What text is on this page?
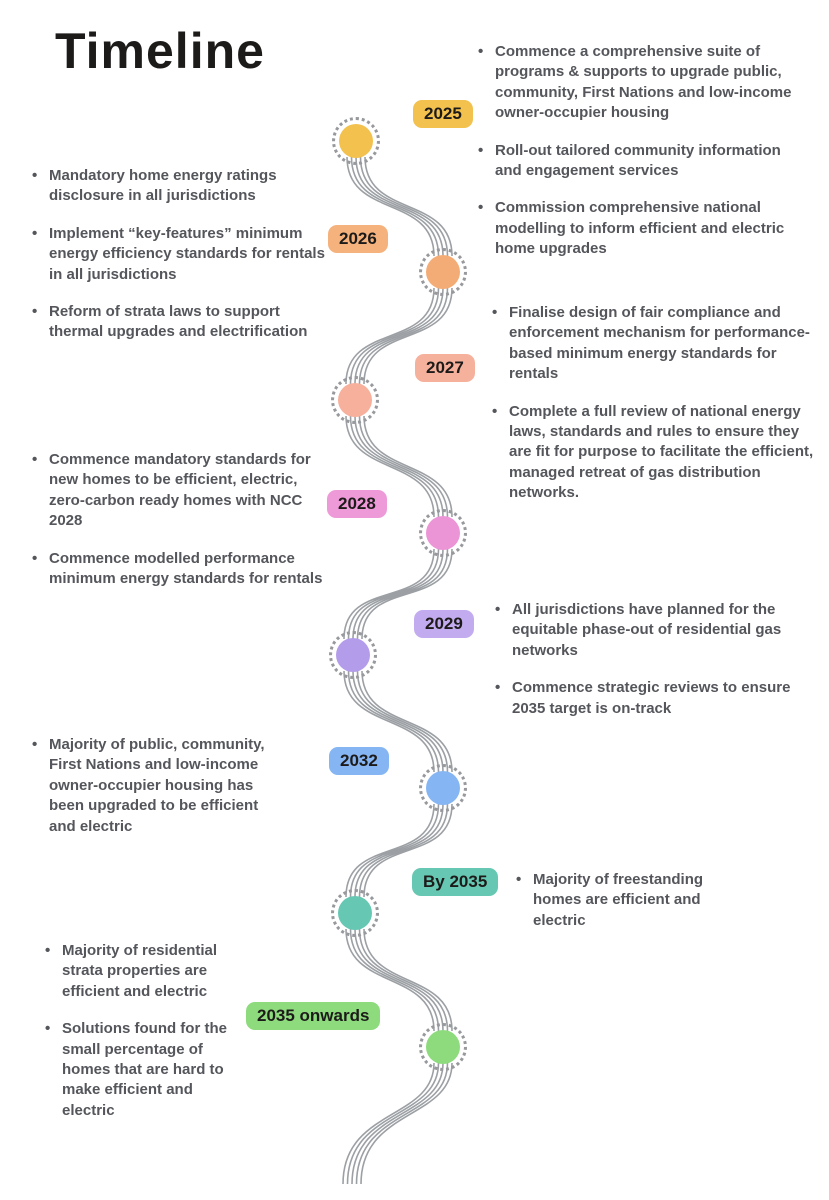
Timeline
2025
2026
2027
2028
2029
2032
By 2035
2035 onwards
• Commence a comprehensive suite of programs & supports to upgrade public, community, First Nations and low-income owner-occupier housing
• Roll-out tailored community information and engagement services
• Commission comprehensive national modelling to inform efficient and electric home upgrades
• Mandatory home energy ratings disclosure in all jurisdictions
• Implement “key-features” minimum energy efficiency standards for rentals in all jurisdictions
• Reform of strata laws to support thermal upgrades and electrification
• Finalise design of fair compliance and enforcement mechanism for performance-based minimum energy standards for rentals
• Complete a full review of national energy laws, standards and rules to ensure they are fit for purpose to facilitate the efficient, managed retreat of gas distribution networks.
• Commence mandatory standards for new homes to be efficient, electric, zero-carbon ready homes with NCC 2028
• Commence modelled performance minimum energy standards for rentals
• All jurisdictions have planned for the equitable phase-out of residential gas networks
• Commence strategic reviews to ensure 2035 target is on-track
• Majority of public, community, First Nations and low-income owner-occupier housing has been upgraded to be efficient and electric
• Majority of freestanding homes are efficient and electric
• Majority of residential strata properties are efficient and electric
• Solutions found for the small percentage of homes that are hard to make efficient and electric
